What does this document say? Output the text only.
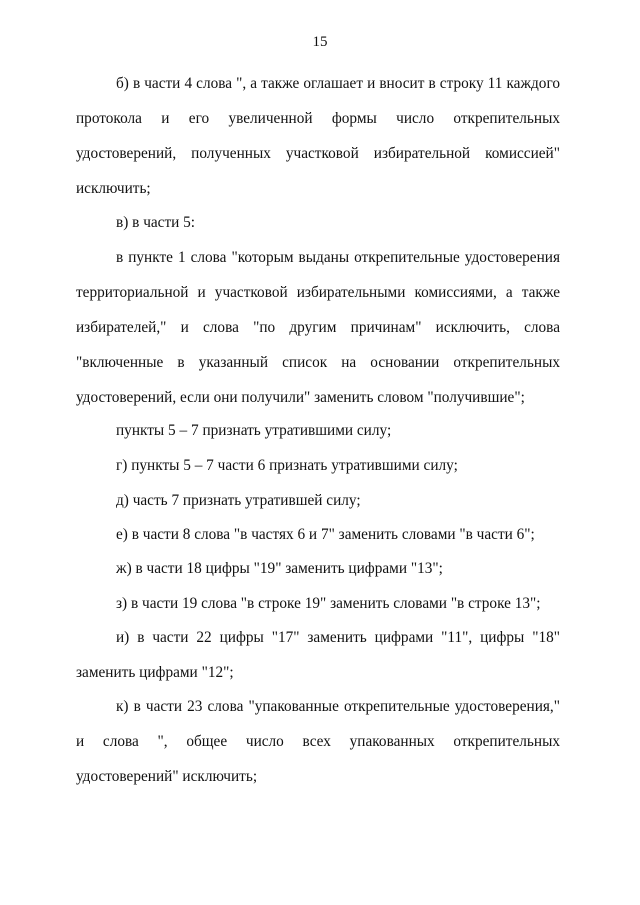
15

б) в части 4 слова ", а также оглашает и вносит в строку 11 каждого протокола и его увеличенной формы число открепительных удостоверений, полученных участковой избирательной комиссией" исключить;

в) в части 5:

в пункте 1 слова "которым выданы открепительные удостоверения территориальной и участковой избирательными комиссиями, а также избирателей," и слова "по другим причинам" исключить, слова "включенные в указанный список на основании открепительных удостоверений, если они получили" заменить словом "получившие";

пункты 5 – 7 признать утратившими силу;

г) пункты 5 – 7 части 6 признать утратившими силу;

д) часть 7 признать утратившей силу;

е) в части 8 слова "в частях 6 и 7" заменить словами "в части 6";

ж) в части 18 цифры "19" заменить цифрами "13";

з) в части 19 слова "в строке 19" заменить словами "в строке 13";

и) в части 22 цифры "17" заменить цифрами "11", цифры "18" заменить цифрами "12";

к) в части 23 слова "упакованные открепительные удостоверения," и слова ", общее число всех упакованных открепительных удостоверений" исключить;
